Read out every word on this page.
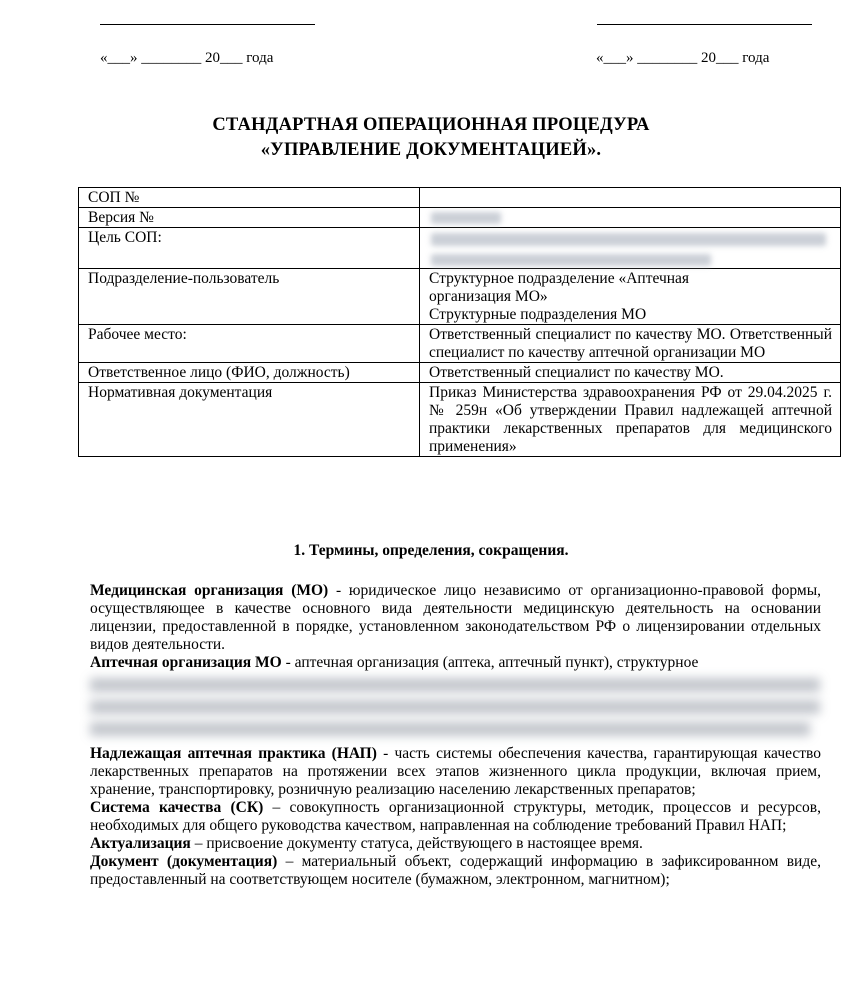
«___» ________ 20___ года	«___» ________ 20___ года
СТАНДАРТНАЯ ОПЕРАЦИОННАЯ ПРОЦЕДУРА
«УПРАВЛЕНИЕ ДОКУМЕНТАЦИЕЙ».
СОП №	
Версия №	

Цель СОП:	

Подразделение-пользователь	Структурное подразделение «Аптечная
организация МО»
Структурные подразделения МО

Рабочее место:	Ответственный специалист по качеству МО. Ответственный специалист по качеству аптечной организации МО
Ответственное лицо (ФИО, должность)	Ответственный специалист по качеству МО.
Нормативная документация	Приказ Министерства здравоохранения РФ от 29.04.2025 г. № 259н «Об утверждении Правил надлежащей аптечной практики лекарственных препаратов для медицинского применения»
1. Термины, определения, сокращения.

Медицинская организация (МО) - юридическое лицо независимо от организационно-правовой формы, осуществляющее в качестве основного вида деятельности медицинскую деятельность на основании лицензии, предоставленной в порядке, установленном законодательством РФ о лицензировании отдельных видов деятельности.

Аптечная организация МО - аптечная организация (аптека, аптечный пункт), структурное

Надлежащая аптечная практика (НАП) - часть системы обеспечения качества, гарантирующая качество лекарственных препаратов на протяжении всех этапов жизненного цикла продукции, включая прием, хранение, транспортировку, розничную реализацию населению лекарственных препаратов;

Система качества (СК) – совокупность организационной структуры, методик, процессов и ресурсов, необходимых для общего руководства качеством, направленная на соблюдение требований Правил НАП;

Актуализация – присвоение документу статуса, действующего в настоящее время.

Документ (документация) – материальный объект, содержащий информацию в зафиксированном виде, предоставленный на соответствующем носителе (бумажном, электронном, магнитном);
